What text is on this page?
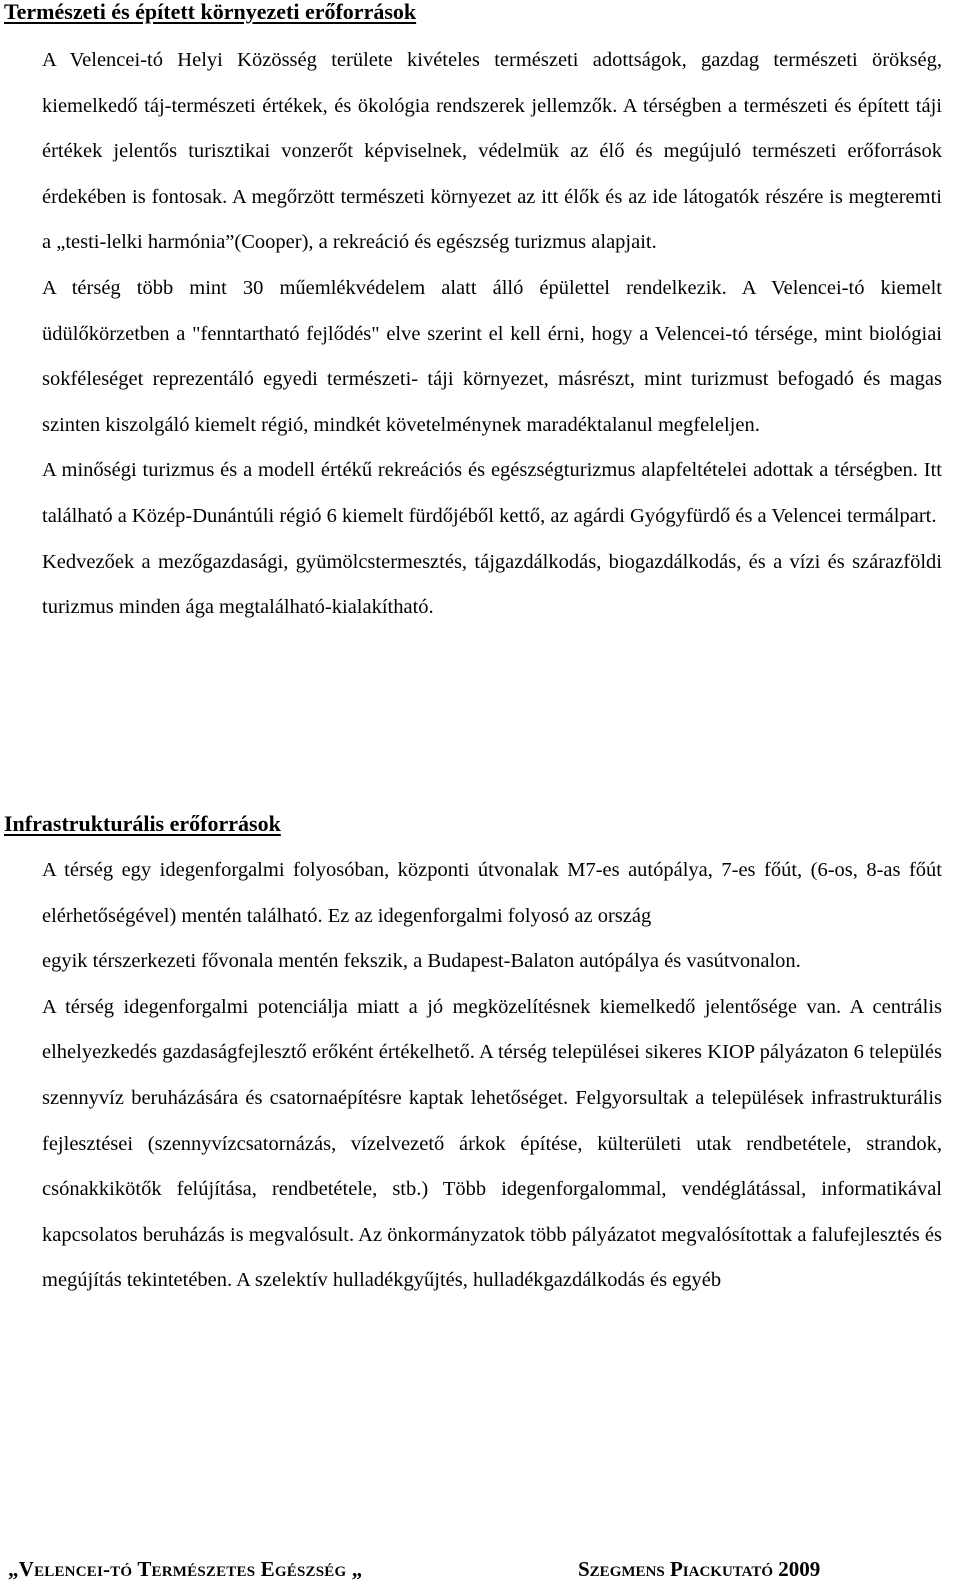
Természeti és épített környezeti erőforrások

A Velencei-tó Helyi Közösség területe kivételes természeti adottságok, gazdag természeti örökség, kiemelkedő táj-természeti értékek, és ökológia rendszerek jellemzők. A térségben a természeti és épített táji értékek jelentős turisztikai vonzerőt képviselnek, védelmük az élő és megújuló természeti erőforrások érdekében is fontosak. A megőrzött természeti környezet az itt élők és az ide látogatók részére is megteremti a „testi-lelki harmónia”(Cooper), a rekreáció és egészség turizmus alapjait.

A térség több mint 30 műemlékvédelem alatt álló épülettel rendelkezik. A Velencei-tó kiemelt üdülőkörzetben a "fenntartható fejlődés" elve szerint el kell érni, hogy a Velencei-tó térsége, mint biológiai sokféleséget reprezentáló egyedi természeti- táji környezet, másrészt, mint turizmust befogadó és magas szinten kiszolgáló kiemelt régió, mindkét követelménynek maradéktalanul megfeleljen.

A minőségi turizmus és a modell értékű rekreációs és egészségturizmus alapfeltételei adottak a térségben. Itt található a Közép-Dunántúli régió 6 kiemelt fürdőjéből kettő, az agárdi Gyógyfürdő és a Velencei termálpart.

Kedvezőek a mezőgazdasági, gyümölcstermesztés, tájgazdálkodás, biogazdálkodás, és a vízi és szárazföldi turizmus minden ága megtalálható-kialakítható.

Infrastrukturális erőforrások

A térség egy idegenforgalmi folyosóban, központi útvonalak M7-es autópálya, 7-es főút, (6-os, 8-as főút elérhetőségével) mentén található. Ez az idegenforgalmi folyosó az ország

egyik térszerkezeti fővonala mentén fekszik, a Budapest-Balaton autópálya és vasútvonalon.

A térség idegenforgalmi potenciálja miatt a jó megközelítésnek kiemelkedő jelentősége van. A centrális elhelyezkedés gazdaságfejlesztő erőként értékelhető. A térség települései sikeres KIOP pályázaton 6 település szennyvíz beruházására és csatornaépítésre kaptak lehetőséget. Felgyorsultak a települések infrastrukturális fejlesztései (szennyvízcsatornázás, vízelvezető árkok építése, külterületi utak rendbetétele, strandok, csónakkikötők felújítása, rendbetétele, stb.) Több idegenforgalommal, vendéglátással, informatikával kapcsolatos beruházás is megvalósult. Az önkormányzatok több pályázatot megvalósítottak a falufejlesztés és megújítás tekintetében. A szelektív hulladékgyűjtés, hulladékgazdálkodás és egyéb

„Velencei-tó Természetes Egészség „	Szegmens Piackutató 2009
